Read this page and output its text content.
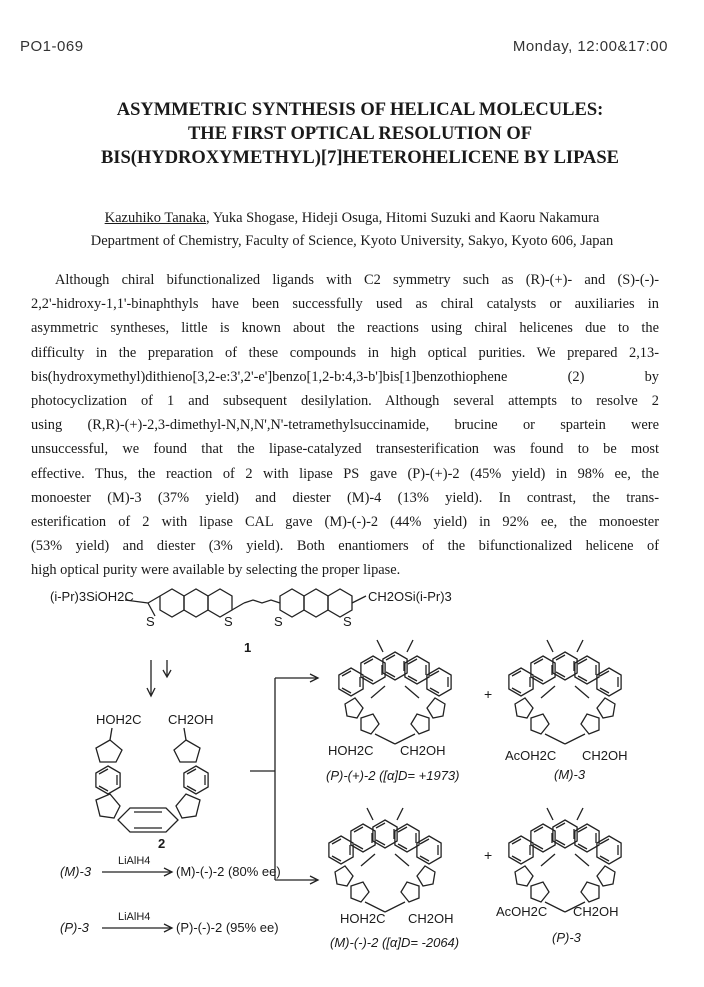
PO1-069	Monday, 12:00&17:00
ASYMMETRIC SYNTHESIS OF HELICAL MOLECULES:
THE FIRST OPTICAL RESOLUTION OF
BIS(HYDROXYMETHYL)[7]HETEROHELICENE BY LIPASE
Kazuhiko Tanaka, Yuka Shogase, Hideji Osuga, Hitomi Suzuki and Kaoru Nakamura
Department of Chemistry, Faculty of Science, Kyoto University, Sakyo, Kyoto 606, Japan
Although chiral bifunctionalized ligands with C2 symmetry such as (R)-(+)- and (S)-(-)-
2,2'-hidroxy-1,1'-binaphthyls have been successfully used as chiral catalysts or auxiliaries in
asymmetric syntheses, little is known about the reactions using chiral helicenes due to the
difficulty in the preparation of these compounds in high optical purities. We prepared 2,13-
bis(hydroxymethyl)dithieno[3,2-e:3',2'-e']benzo[1,2-b:4,3-b']bis[1]benzothiophene (2) by
photocyclization of 1 and subsequent desilylation. Although several attempts to resolve 2
using (R,R)-(+)-2,3-dimethyl-N,N,N',N'-tetramethylsuccinamide, brucine or spartein were
unsuccessful, we found that the lipase-catalyzed transesterification was found to be most
effective. Thus, the reaction of 2 with lipase PS gave (P)-(+)-2 (45% yield) in 98% ee, the
monoester (M)-3 (37% yield) and diester (M)-4 (13% yield). In contrast, the trans-
esterification of 2 with lipase CAL gave (M)-(-)-2 (44% yield) in 92% ee, the monoester
(53% yield) and diester (3% yield). Both enantiomers of the bifunctionalized helicene of
high optical purity were available by selecting the proper lipase.
(i-Pr)3SiOH2C	CH2OSi(i-Pr)3
S	S	S	S
1
HOH2C CH2OH
2
HOH2C CH2OH
(P)-(+)-2 ([α]D= +1973)
AcOH2C CH2OH
(M)-3
HOH2C CH2OH
(M)-(-)-2 ([α]D= -2064)
AcOH2C CH2OH
(P)-3
+
+
(M)-3
LiAlH4
(M)-(-)-2 (80% ee)
(P)-3
LiAlH4
(P)-(-)-2 (95% ee)
